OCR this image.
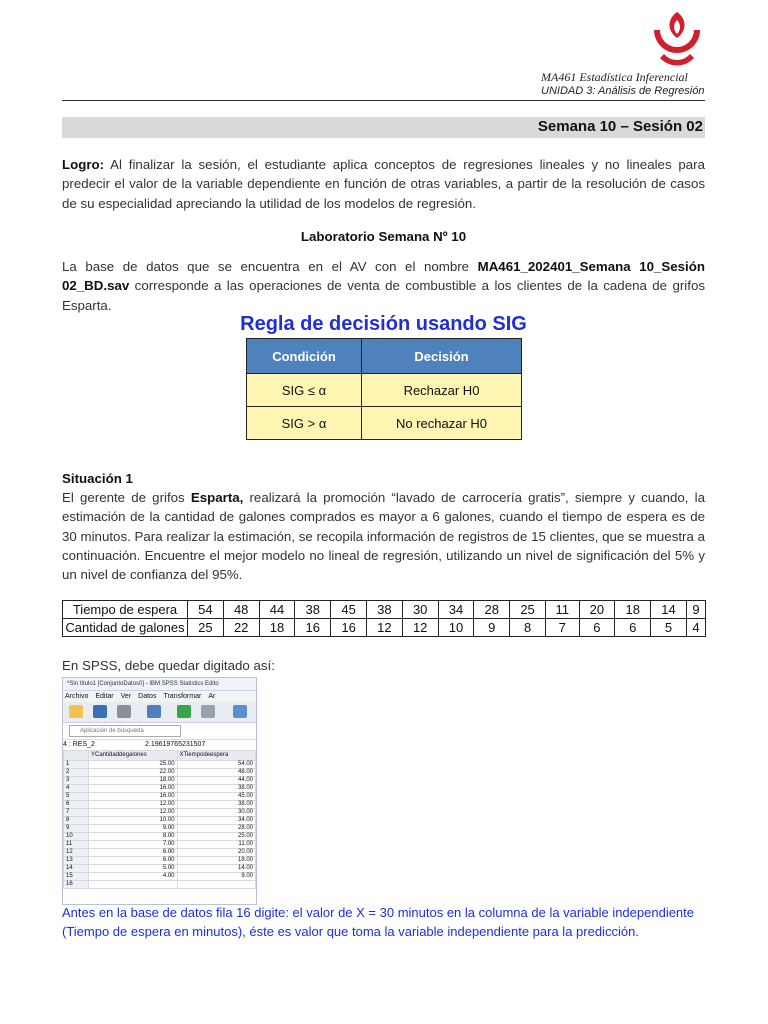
MA461 Estadística Inferencial
UNIDAD 3: Análisis de Regresión
Semana 10 – Sesión 02
Logro: Al finalizar la sesión, el estudiante aplica conceptos de regresiones lineales y no lineales para predecir el valor de la variable dependiente en función de otras variables, a partir de la resolución de casos de su especialidad apreciando la utilidad de los modelos de regresión.
Laboratorio Semana Nº 10
La base de datos que se encuentra en el AV con el nombre MA461_202401_Semana 10_Sesión 02_BD.sav corresponde a las operaciones de venta de combustible a los clientes de la cadena de grifos Esparta.
Regla de decisión usando SIG
Condición	Decisión
SIG ≤ α	Rechazar H0
SIG > α	No rechazar H0
Situación 1
El gerente de grifos Esparta, realizará la promoción “lavado de carrocería gratis”, siempre y cuando, la estimación de la cantidad de galones comprados es mayor a 6 galones, cuando el tiempo de espera es de 30 minutos. Para realizar la estimación, se recopila información de registros de 15 clientes, que se muestra a continuación. Encuentre el mejor modelo no lineal de regresión, utilizando un nivel de significación del 5% y un nivel de confianza del 95%.
Tiempo de espera	54	48	44	38	45	38	30	34	28	25	11	20	18	14	9
Cantidad de galones	25	22	18	16	16	12	12	10	9	8	7	6	6	5	4
En SPSS, debe quedar digitado así:
*Sin título1 [ConjuntoDatos0] - IBM SPSS Statistics Edito
Archivo Editar Ver Datos Transformar Ar
Aplicación de búsqueda
4 : RES_2	2.19619765231507
	YCantidaddegalones	XTiempodeespera
1	25.00	54.00
2	22.00	48.00
3	18.00	44.00
4	16.00	38.00
5	16.00	45.00
6	12.00	38.00
7	12.00	30.00
8	10.00	34.00
9	9.00	28.00
10	8.00	25.00
11	7.00	11.00
12	6.00	20.00
13	6.00	18.00
14	5.00	14.00
15	4.00	9.00
16		
Antes en la base de datos fila 16 digite: el valor de X = 30 minutos en la columna de la variable independiente (Tiempo de espera en minutos), éste es valor que toma la variable independiente para la predicción.
